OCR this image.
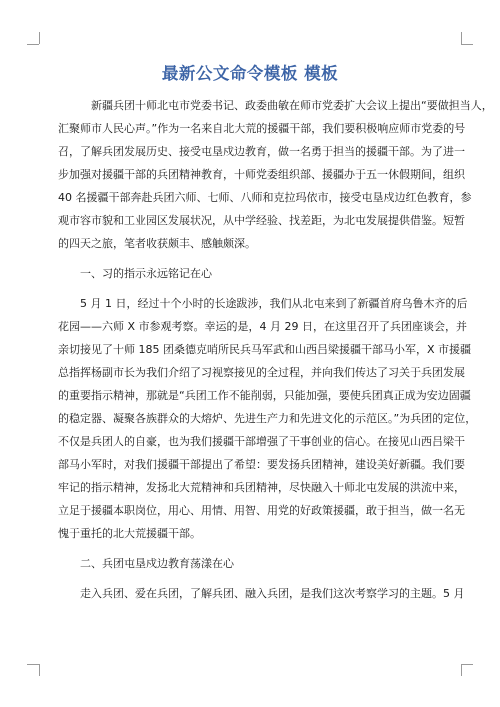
最新公文命令模板 模板
新疆兵团十师北屯市党委书记、政委曲敏在师市党委扩大会议上提出“要做担当人，
汇聚师市人民心声。”作为一名来自北大荒的援疆干部，我们要积极响应师市党委的号
召，了解兵团发展历史、接受屯垦戍边教育，做一名勇于担当的援疆干部。为了进一
步加强对援疆干部的兵团精神教育，十师党委组织部、援疆办于五一休假期间，组织
40 名援疆干部奔赴兵团六师、七师、八师和克拉玛依市，接受屯垦戍边红色教育，参
观市容市貌和工业园区发展状况，从中学经验、找差距，为北屯发展提供借鉴。短暂
的四天之旅，笔者收获颇丰、感触颇深。
一、习的指示永远铭记在心
5 月 1 日，经过十个小时的长途跋涉，我们从北屯来到了新疆首府乌鲁木齐的后
花园——六师 X 市参观考察。幸运的是，4 月 29 日，在这里召开了兵团座谈会，并
亲切接见了十师 185 团桑德克哨所民兵马军武和山西吕梁援疆干部马小军，X 市援疆
总指挥杨副市长为我们介绍了习视察接见的全过程，并向我们传达了习关于兵团发展
的重要指示精神，那就是“兵团工作不能削弱，只能加强，要使兵团真正成为安边固疆
的稳定器、凝聚各族群众的大熔炉、先进生产力和先进文化的示范区。”为兵团的定位，
不仅是兵团人的自豪，也为我们援疆干部增强了干事创业的信心。在接见山西吕梁干
部马小军时，对我们援疆干部提出了希望：要发扬兵团精神，建设美好新疆。我们要
牢记的指示精神，发扬北大荒精神和兵团精神，尽快融入十师北屯发展的洪流中来，
立足于援疆本职岗位，用心、用情、用智、用党的好政策援疆，敢于担当，做一名无
愧于重托的北大荒援疆干部。
二、兵团屯垦戍边教育荡漾在心
走入兵团、爱在兵团，了解兵团、融入兵团，是我们这次考察学习的主题。5 月
